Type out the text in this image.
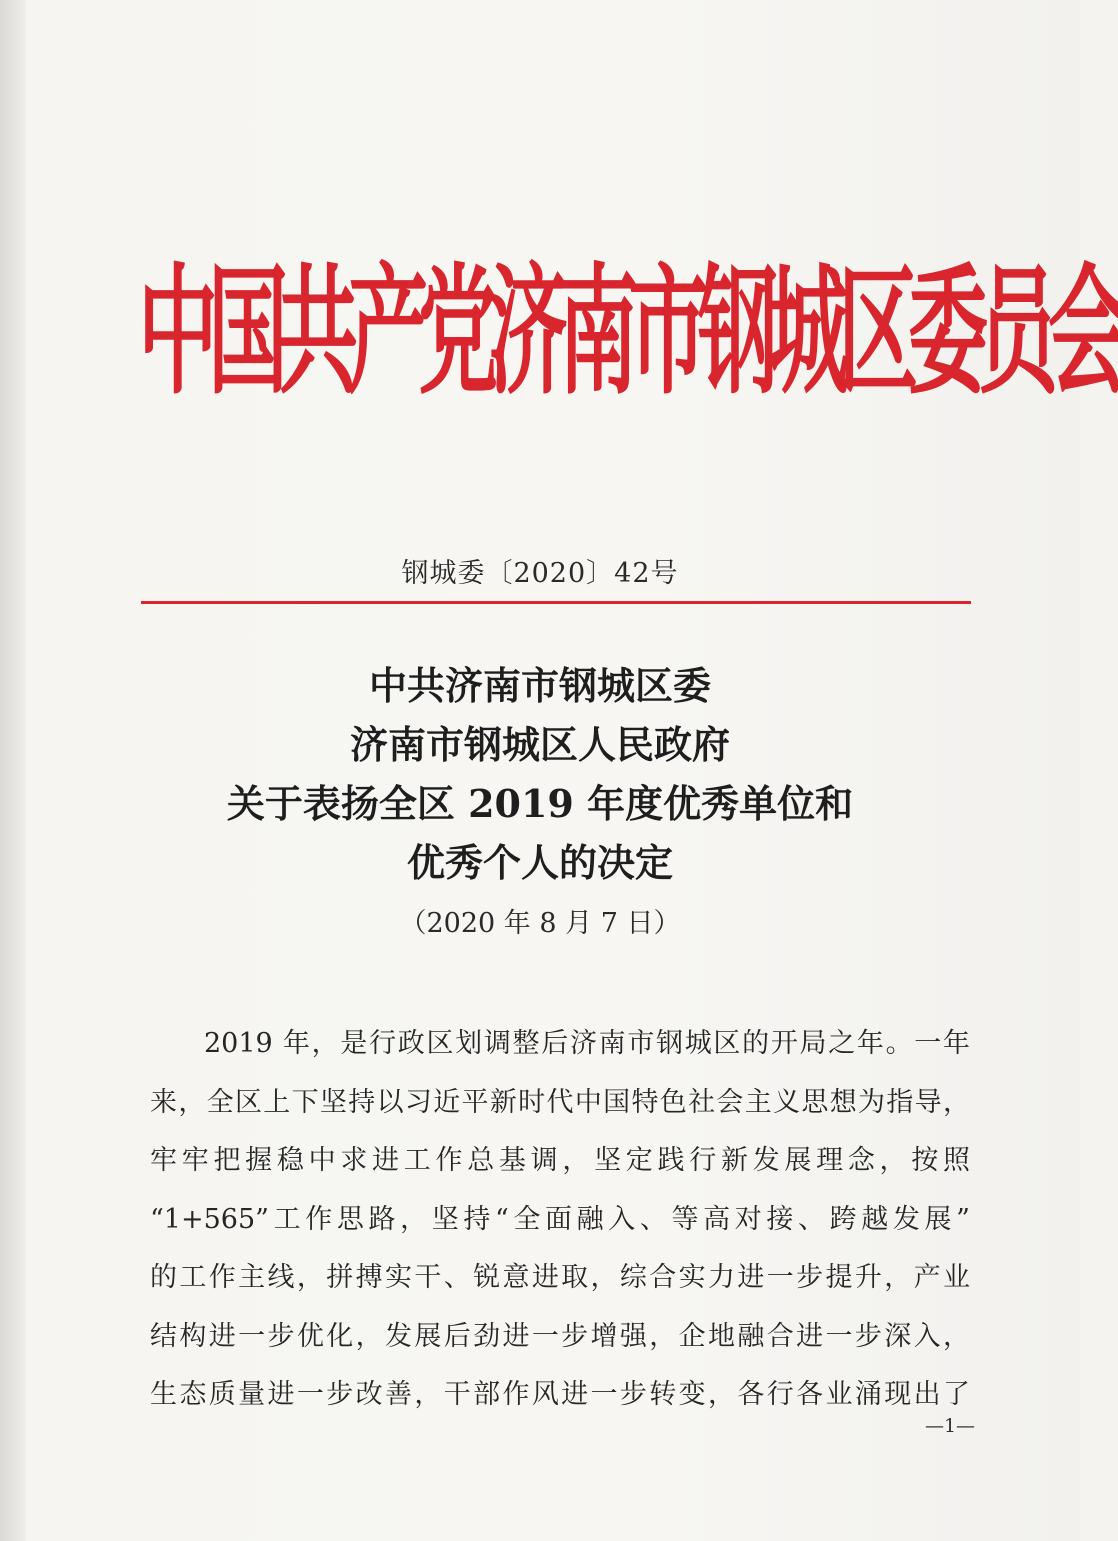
中国共产党济南市钢城区委员会
钢城委〔2020〕42号
中共济南市钢城区委
济南市钢城区人民政府
关于表扬全区 2019 年度优秀单位和
优秀个人的决定
（2020 年 8 月 7 日）
2019 年，是行政区划调整后济南市钢城区的开局之年。一年
来，全区上下坚持以习近平新时代中国特色社会主义思想为指导，
牢牢把握稳中求进工作总基调，坚定践行新发展理念，按照
“1+565”工作思路，坚持“全面融入、等高对接、跨越发展”
的工作主线，拼搏实干、锐意进取，综合实力进一步提升，产业
结构进一步优化，发展后劲进一步增强，企地融合进一步深入，
生态质量进一步改善，干部作风进一步转变，各行各业涌现出了
—1—
